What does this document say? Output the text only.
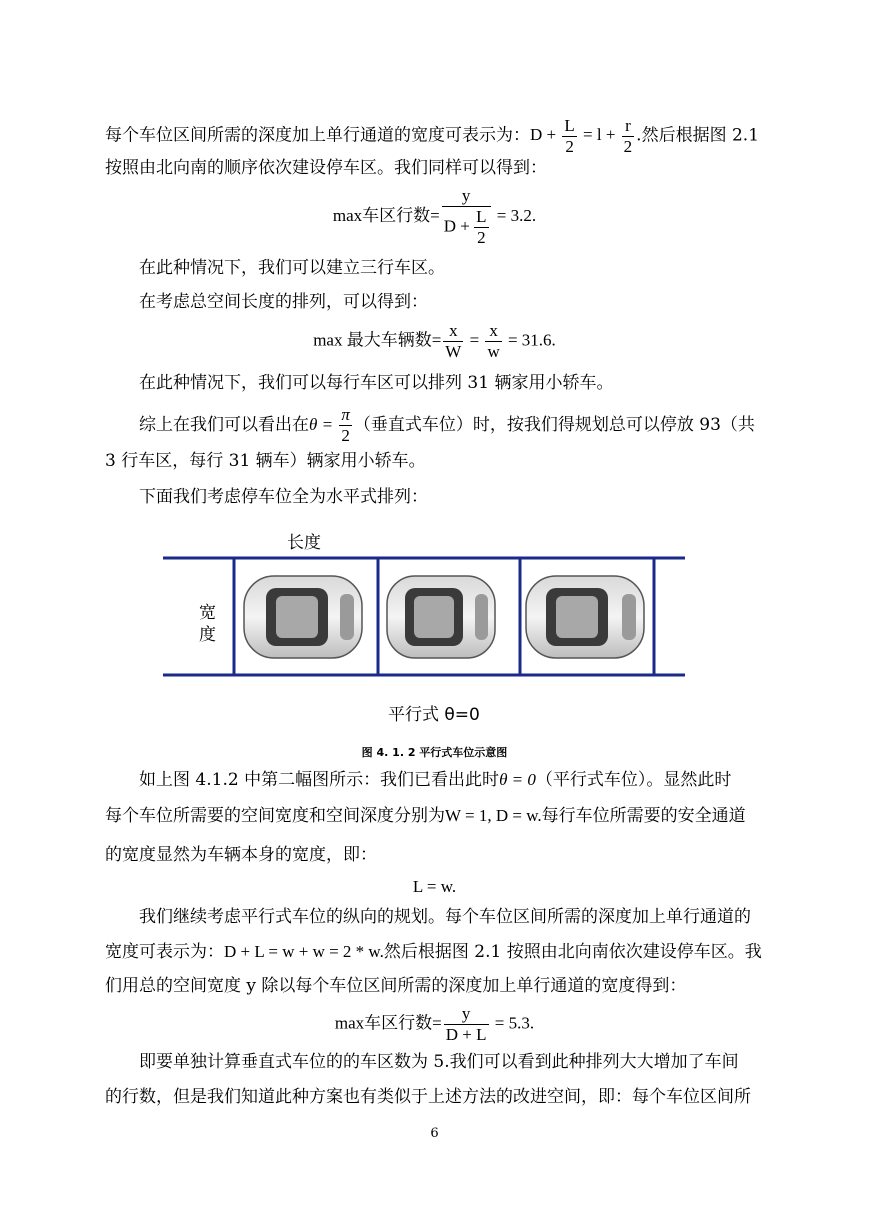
每个车位区间所需的深度加上单行通道的宽度可表示为：$D + \frac{L}{2} = l + \frac{r}{2}$ .然后根据图 2.1
按照由北向南的顺序依次建设停车区。我们同样可以得到：
max车区行数= $\frac{y}{D + \frac{L}{2}} = 3.2$.
在此种情况下，我们可以建立三行车区。
在考虑总空间长度的排列，可以得到：
max 最大车辆数= $\frac{x}{W} = \frac{x}{w} = 31.6$.
在此种情况下，我们可以每行车区可以排列 31 辆家用小轿车。
综上在我们可以看出在$\theta = \frac{\pi}{2}$ （垂直式车位）时，按我们得规划总可以停放 93（共
3 行车区，每行 31 辆车）辆家用小轿车。
下面我们考虑停车位全为水平式排列：
长度
宽
度
平行式 θ=0
图 4. 1. 2 平行式车位示意图
如上图 4.1.2 中第二幅图所示：我们已看出此时θ = 0（平行式车位）。显然此时
每个车位所需要的空间宽度和空间深度分别为W = 1, D = w.每行车位所需要的安全通道
的宽度显然为车辆本身的宽度，即：
L = w.
我们继续考虑平行式车位的纵向的规划。每个车位区间所需的深度加上单行通道的
宽度可表示为：D + L = w + w = 2 * w.然后根据图 2.1 按照由北向南依次建设停车区。我
们用总的空间宽度 y 除以每个车位区间所需的深度加上单行通道的宽度得到：
max车区行数= $\frac{y}{D + L} = 5.3$.
即要单独计算垂直式车位的的车区数为 5.我们可以看到此种排列大大增加了车间
的行数，但是我们知道此种方案也有类似于上述方法的改进空间，即：每个车位区间所
6
